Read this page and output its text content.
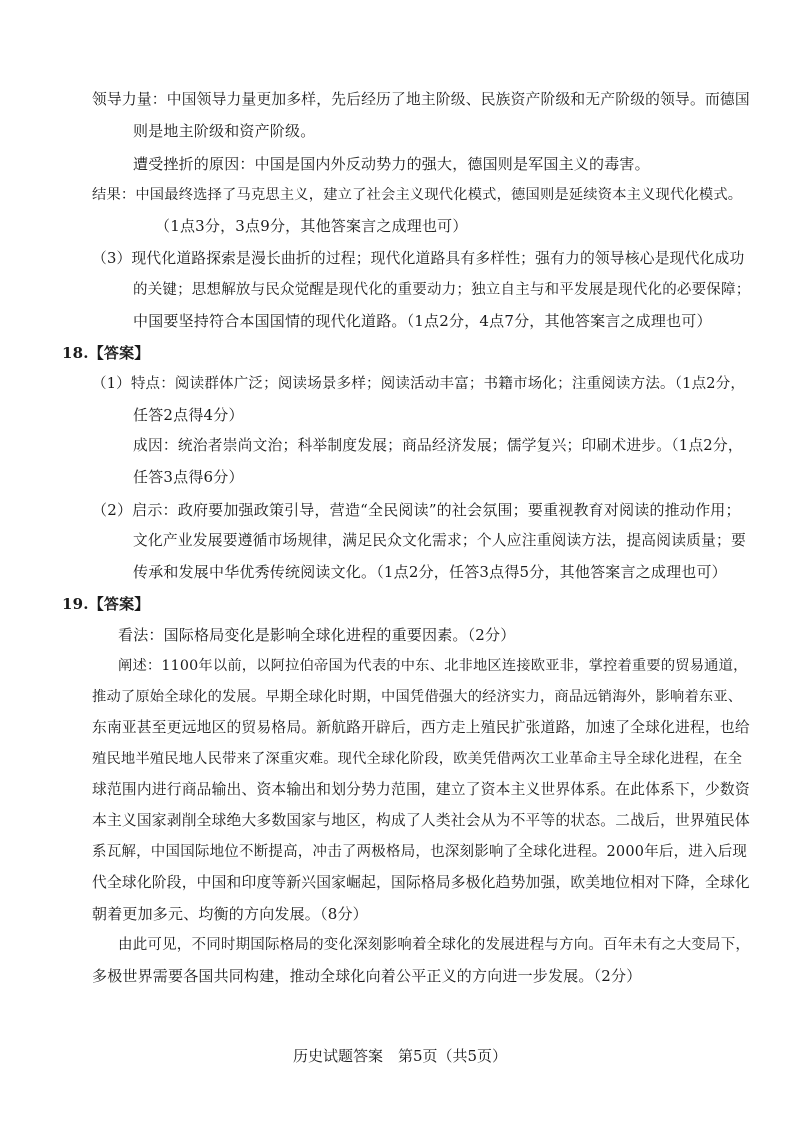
领导力量：中国领导力量更加多样，先后经历了地主阶级、民族资产阶级和无产阶级的领导。而德国
则是地主阶级和资产阶级。
遭受挫折的原因：中国是国内外反动势力的强大，德国则是军国主义的毒害。
结果：中国最终选择了马克思主义，建立了社会主义现代化模式，德国则是延续资本主义现代化模式。
（1点3分，3点9分，其他答案言之成理也可）
（3）现代化道路探索是漫长曲折的过程；现代化道路具有多样性；强有力的领导核心是现代化成功
的关键；思想解放与民众觉醒是现代化的重要动力；独立自主与和平发展是现代化的必要保障；
中国要坚持符合本国国情的现代化道路。（1点2分，4点7分，其他答案言之成理也可）
18.【答案】
（1）特点：阅读群体广泛；阅读场景多样；阅读活动丰富；书籍市场化；注重阅读方法。（1点2分，
任答2点得4分）
成因：统治者崇尚文治；科举制度发展；商品经济发展；儒学复兴；印刷术进步。（1点2分，
任答3点得6分）
（2）启示：政府要加强政策引导，营造“全民阅读”的社会氛围；要重视教育对阅读的推动作用；
文化产业发展要遵循市场规律，满足民众文化需求；个人应注重阅读方法，提高阅读质量；要
传承和发展中华优秀传统阅读文化。（1点2分，任答3点得5分，其他答案言之成理也可）
19.【答案】
看法：国际格局变化是影响全球化进程的重要因素。（2分）
阐述：1100年以前，以阿拉伯帝国为代表的中东、北非地区连接欧亚非，掌控着重要的贸易通道，
推动了原始全球化的发展。早期全球化时期，中国凭借强大的经济实力，商品远销海外，影响着东亚、
东南亚甚至更远地区的贸易格局。新航路开辟后，西方走上殖民扩张道路，加速了全球化进程，也给
殖民地半殖民地人民带来了深重灾难。现代全球化阶段，欧美凭借两次工业革命主导全球化进程，在全
球范围内进行商品输出、资本输出和划分势力范围，建立了资本主义世界体系。在此体系下，少数资
本主义国家剥削全球绝大多数国家与地区，构成了人类社会从为不平等的状态。二战后，世界殖民体
系瓦解，中国国际地位不断提高，冲击了两极格局，也深刻影响了全球化进程。2000年后，进入后现
代全球化阶段，中国和印度等新兴国家崛起，国际格局多极化趋势加强，欧美地位相对下降，全球化
朝着更加多元、均衡的方向发展。（8分）
由此可见，不同时期国际格局的变化深刻影响着全球化的发展进程与方向。百年未有之大变局下，
多极世界需要各国共同构建，推动全球化向着公平正义的方向进一步发展。（2分）
历史试题答案　第5页（共5页）
